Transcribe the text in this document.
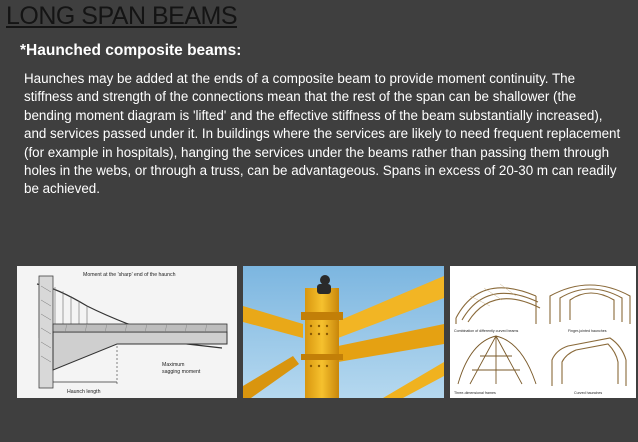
LONG SPAN BEAMS
*Haunched composite beams:

Haunches may be added at the ends of a composite beam to provide moment continuity. The stiffness and strength of the connections mean that the rest of the span can be shallower (the bending moment diagram is 'lifted' and the effective stiffness of the beam substantially increased), and services passed under it. In buildings where the services are likely to need frequent replacement (for example in hospitals), hanging the services under the beams rather than passing them through holes in the webs, or through a truss, can be advantageous. Spans in excess of 20-30 m can readily be achieved.

Moment at the 'sharp' end of the haunch
Maximum
sagging moment
Haunch length
Combination of differently curved beams	Finger-jointed haunches
Three-dimensional frames	Curved haunches
